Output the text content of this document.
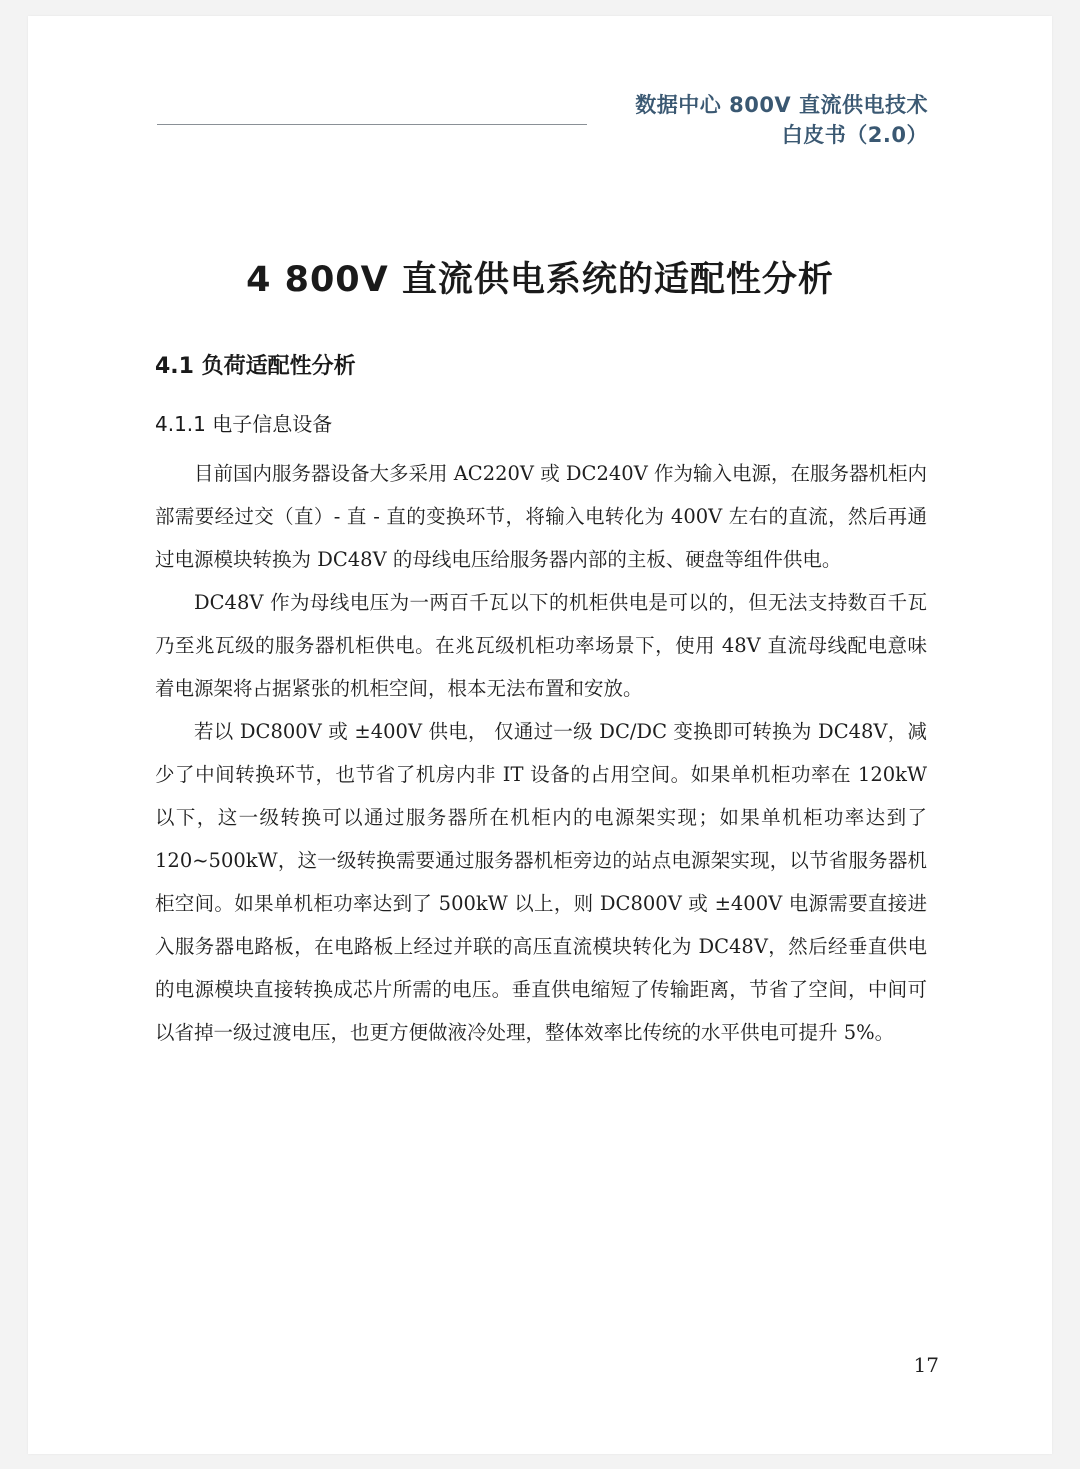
数据中心 800V 直流供电技术
白皮书（2.0）
4 800V 直流供电系统的适配性分析
4.1 负荷适配性分析
4.1.1 电子信息设备

目前国内服务器设备大多采用 AC220V 或 DC240V 作为输入电源，在服务器机柜内部需要经过交（直）- 直 - 直的变换环节，将输入电转化为 400V 左右的直流，然后再通过电源模块转换为 DC48V 的母线电压给服务器内部的主板、硬盘等组件供电。

DC48V 作为母线电压为一两百千瓦以下的机柜供电是可以的，但无法支持数百千瓦乃至兆瓦级的服务器机柜供电。在兆瓦级机柜功率场景下，使用 48V 直流母线配电意味着电源架将占据紧张的机柜空间，根本无法布置和安放。

若以 DC800V 或 ±400V 供电， 仅通过一级 DC/DC 变换即可转换为 DC48V，减少了中间转换环节，也节省了机房内非 IT 设备的占用空间。如果单机柜功率在 120kW 以下，这一级转换可以通过服务器所在机柜内的电源架实现；如果单机柜功率达到了 120~500kW，这一级转换需要通过服务器机柜旁边的站点电源架实现，以节省服务器机柜空间。如果单机柜功率达到了 500kW 以上，则 DC800V 或 ±400V 电源需要直接进入服务器电路板，在电路板上经过并联的高压直流模块转化为 DC48V，然后经垂直供电的电源模块直接转换成芯片所需的电压。垂直供电缩短了传输距离，节省了空间，中间可以省掉一级过渡电压，也更方便做液冷处理，整体效率比传统的水平供电可提升 5%。

17
